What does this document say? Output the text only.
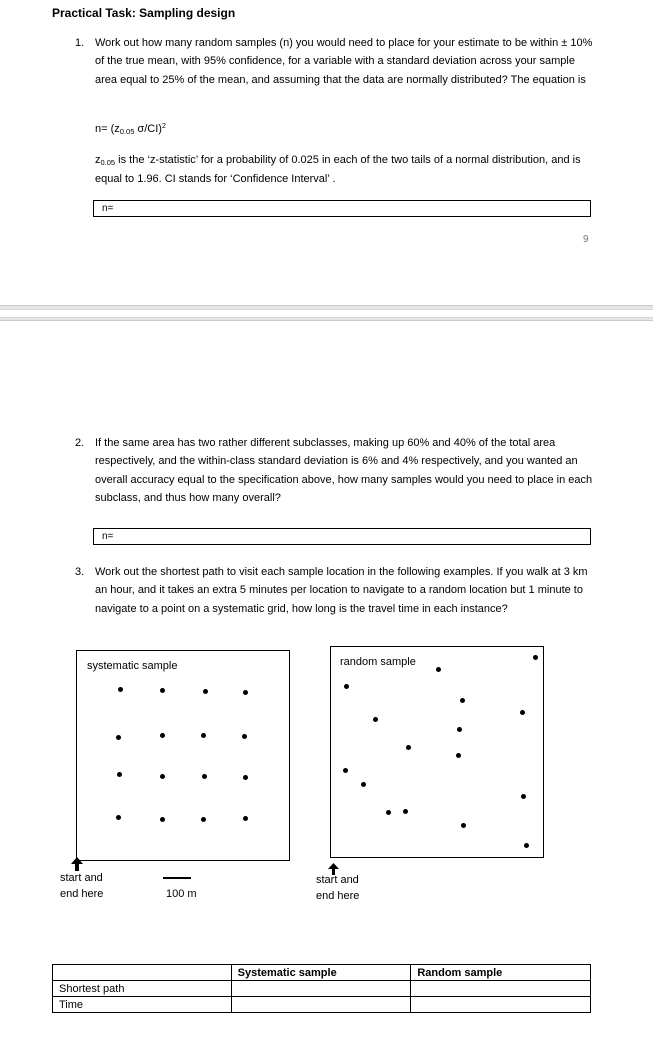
Practical Task: Sampling design
1. Work out how many random samples (n) you would need to place for your estimate to be within ± 10% of the true mean, with 95% confidence, for a variable with a standard deviation across your sample area equal to 25% of the mean, and assuming that the data are normally distributed? The equation is
n= (z0.05 σ/CI)$^2$
z0.05 is the ‘z-statistic’ for a probability of 0.025 in each of the two tails of a normal distribution, and is equal to 1.96. CI stands for ‘Confidence Interval’ .
n=
9
2. If the same area has two rather different subclasses, making up 60% and 40% of the total area respectively, and the within-class standard deviation is 6% and 4% respectively, and you wanted an overall accuracy equal to the specification above, how many samples would you need to place in each subclass, and thus how many overall?
n=
3. Work out the shortest path to visit each sample location in the following examples. If you walk at 3 km an hour, and it takes an extra 5 minutes per location to navigate to a random location but 1 minute to navigate to a point on a systematic grid, how long is the travel time in each instance?
systematic sample
start and
end here	100 m
random sample
start and
end here
	Systematic sample	Random sample
Shortest path		
Time		
